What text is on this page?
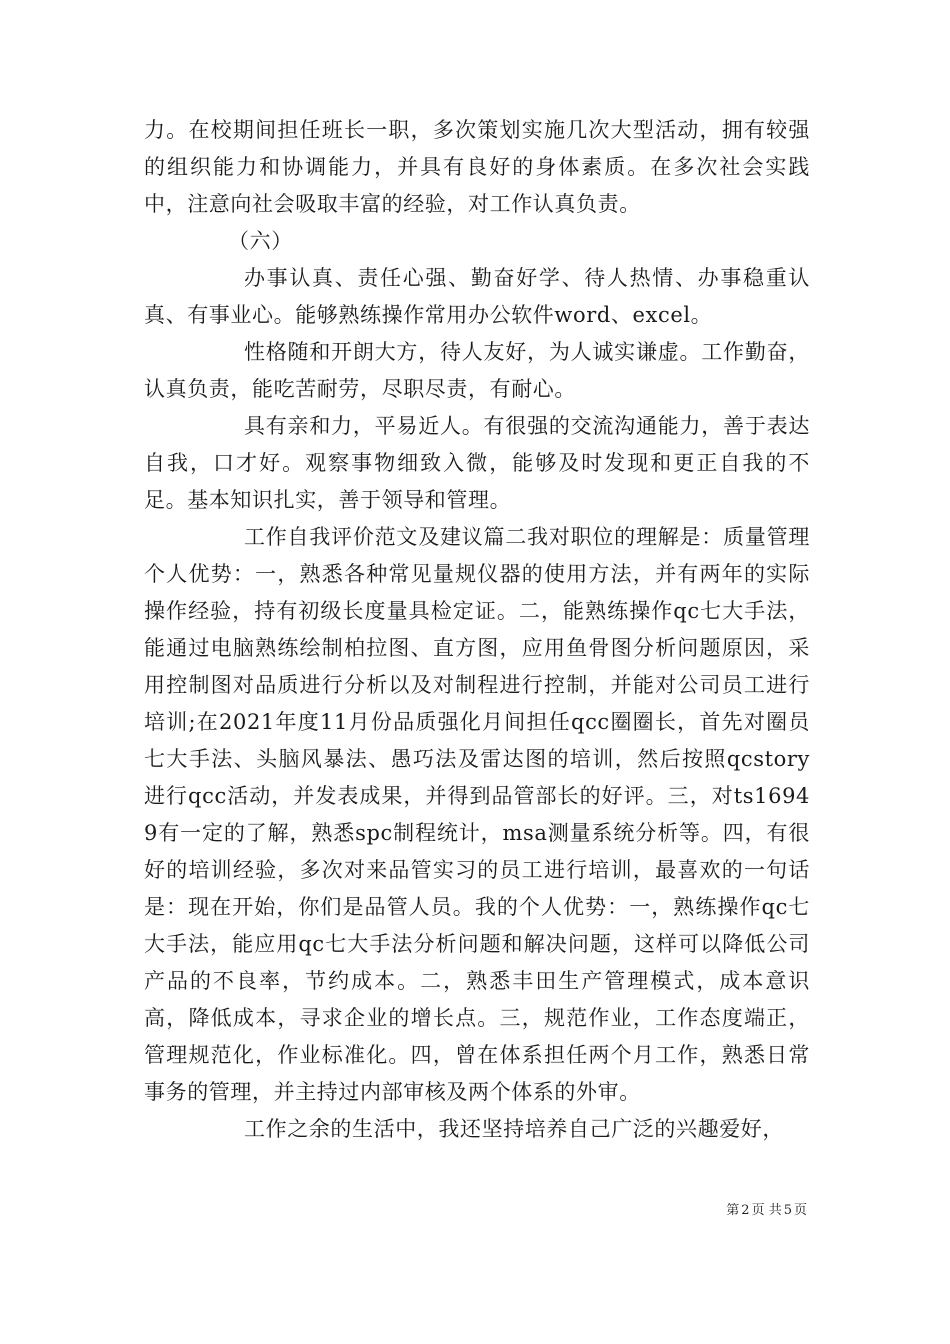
力。在校期间担任班长一职，多次策划实施几次大型活动，拥有较强的组织能力和协调能力，并具有良好的身体素质。在多次社会实践中，注意向社会吸取丰富的经验，对工作认真负责。

（六）

办事认真、责任心强、勤奋好学、待人热情、办事稳重认真、有事业心。能够熟练操作常用办公软件word、excel。

性格随和开朗大方，待人友好，为人诚实谦虚。工作勤奋，认真负责，能吃苦耐劳，尽职尽责，有耐心。

具有亲和力，平易近人。有很强的交流沟通能力，善于表达自我，口才好。观察事物细致入微，能够及时发现和更正自我的不足。基本知识扎实，善于领导和管理。

工作自我评价范文及建议篇二我对职位的理解是：质量管理个人优势：一，熟悉各种常见量规仪器的使用方法，并有两年的实际操作经验，持有初级长度量具检定证。二，能熟练操作qc七大手法，能通过电脑熟练绘制柏拉图、直方图，应用鱼骨图分析问题原因，采用控制图对品质进行分析以及对制程进行控制，并能对公司员工进行培训;在2021年度11月份品质强化月间担任qcc圈圈长，首先对圈员七大手法、头脑风暴法、愚巧法及雷达图的培训，然后按照qcstory进行qcc活动，并发表成果，并得到品管部长的好评。三，对ts16949有一定的了解，熟悉spc制程统计，msa测量系统分析等。四，有很好的培训经验，多次对来品管实习的员工进行培训，最喜欢的一句话是：现在开始，你们是品管人员。我的个人优势：一，熟练操作qc七大手法，能应用qc七大手法分析问题和解决问题，这样可以降低公司产品的不良率，节约成本。二，熟悉丰田生产管理模式，成本意识高，降低成本，寻求企业的增长点。三，规范作业，工作态度端正，管理规范化，作业标准化。四，曾在体系担任两个月工作，熟悉日常事务的管理，并主持过内部审核及两个体系的外审。

工作之余的生活中，我还坚持培养自己广泛的兴趣爱好，

第 2 页 共 5 页
